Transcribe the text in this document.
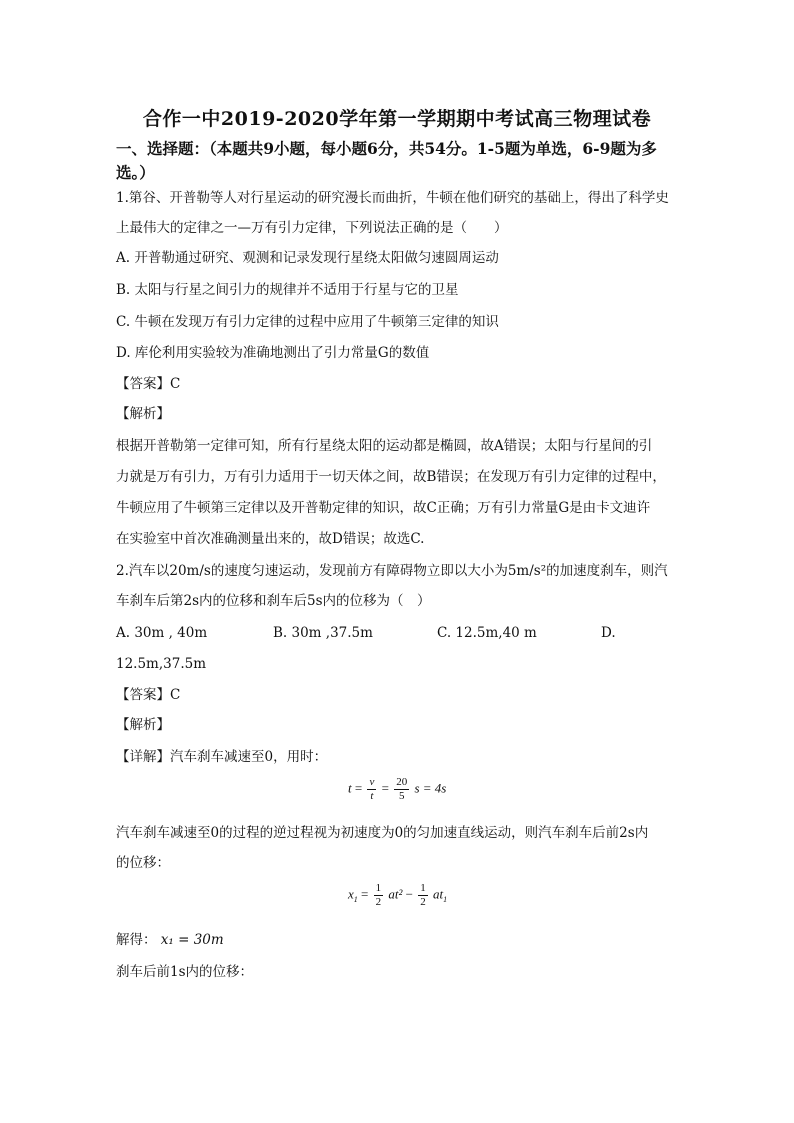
合作一中2019-2020学年第一学期期中考试高三物理试卷
一、选择题：（本题共9小题，每小题6分，共54分。1-5题为单选，6-9题为多
选。）
1.第谷、开普勒等人对行星运动的研究漫长而曲折，牛顿在他们研究的基础上，得出了科学史
上最伟大的定律之一—万有引力定律，下列说法正确的是（　　）
A. 开普勒通过研究、观测和记录发现行星绕太阳做匀速圆周运动
B. 太阳与行星之间引力的规律并不适用于行星与它的卫星
C. 牛顿在发现万有引力定律的过程中应用了牛顿第三定律的知识
D. 库伦利用实验较为准确地测出了引力常量G的数值
【答案】C
【解析】
根据开普勒第一定律可知，所有行星绕太阳的运动都是椭圆，故A错误；太阳与行星间的引
力就是万有引力，万有引力适用于一切天体之间，故B错误；在发现万有引力定律的过程中，
牛顿应用了牛顿第三定律以及开普勒定律的知识，故C正确；万有引力常量G是由卡文迪许
在实验室中首次准确测量出来的，故D错误；故选C.
2.汽车以20m/s的速度匀速运动，发现前方有障碍物立即以大小为5m/s²的加速度刹车，则汽
车刹车后第2s内的位移和刹车后5s内的位移为（　）
A. 30m , 40m	B. 30m ,37.5m	C. 12.5m,40 m	D.
12.5m,37.5m
【答案】C
【解析】
【详解】汽车刹车减速至0，用时：
$t = \frac{v}{t} = \frac{20}{5}$ s = 4s
汽车刹车减速至0的过程的逆过程视为初速度为0的匀加速直线运动，则汽车刹车后前2s内
的位移：
$x_1 = \frac{1}{2} at^2 - \frac{1}{2} at_1$
解得： x₁ = 30m
刹车后前1s内的位移：
